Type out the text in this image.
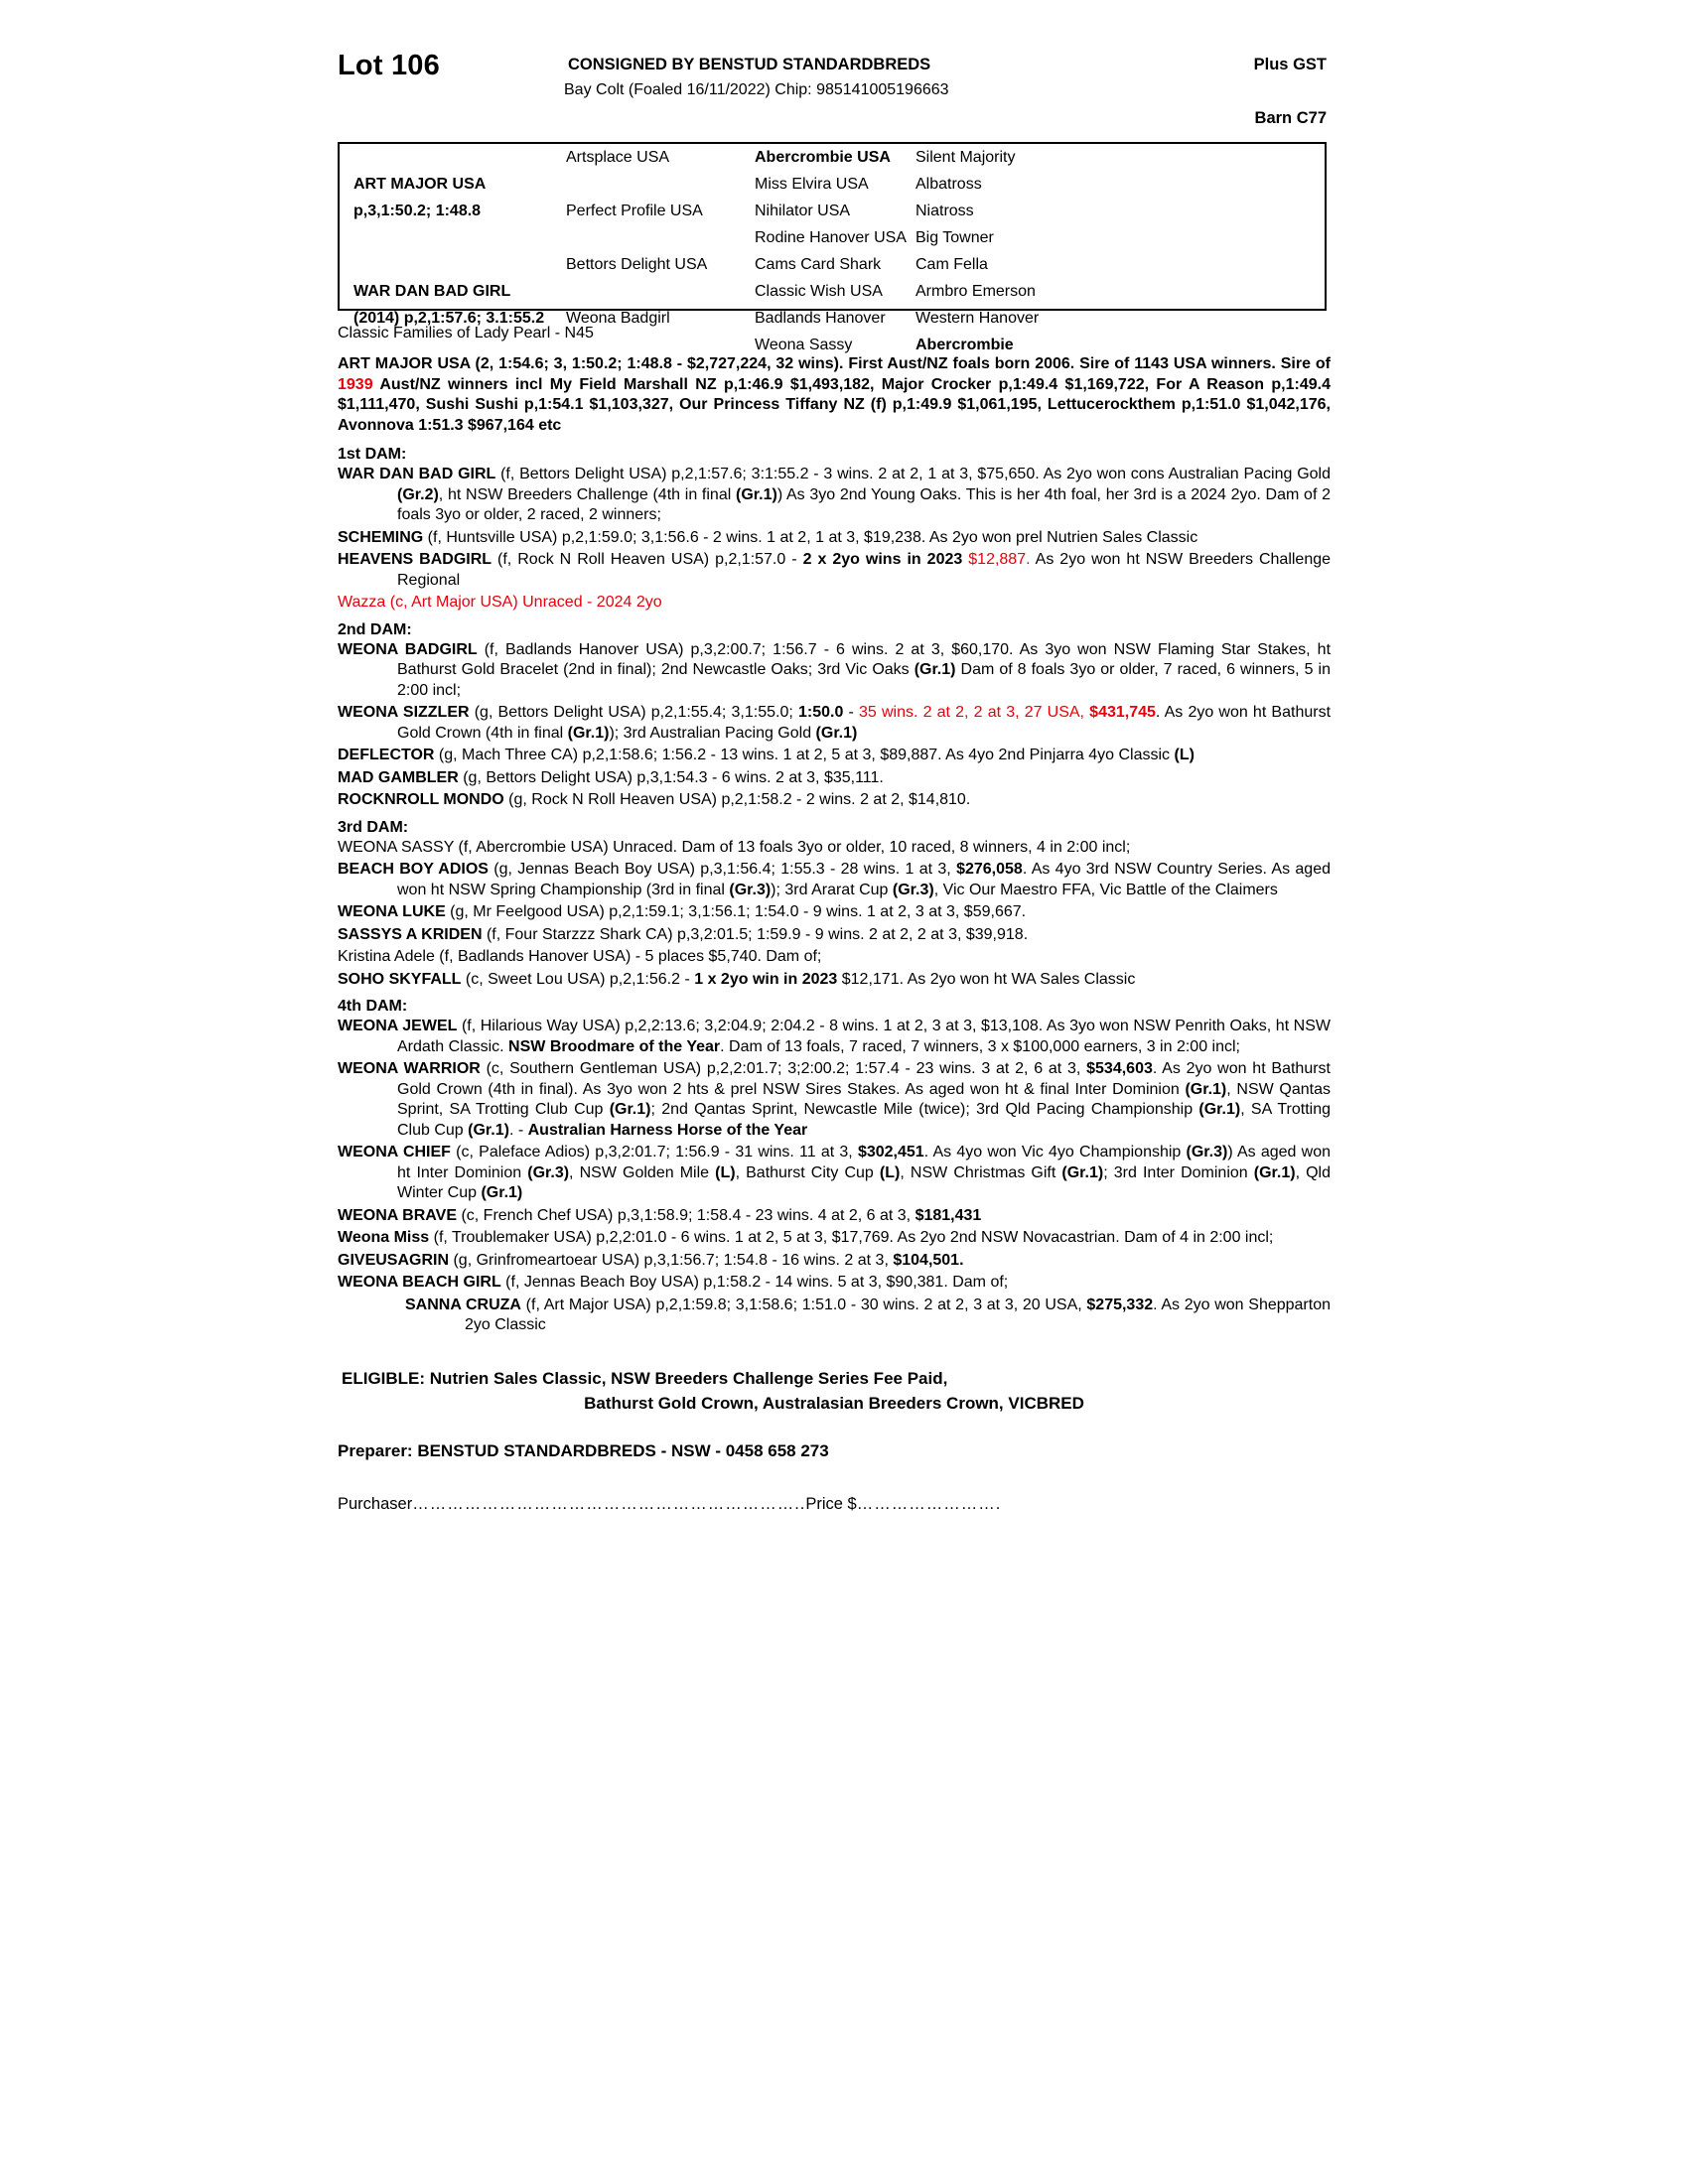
Lot 106	CONSIGNED BY BENSTUD STANDARDBREDS
Bay Colt (Foaled 16/11/2022) Chip: 985141005196663
Plus GST
Barn C77
ART MAJOR USA
p,3,1:50.2; 1:48.8
WAR DAN BAD GIRL
(2014) p,2,1:57.6; 3.1:55.2
Artsplace USA
Perfect Profile USA
Bettors Delight USA
Weona Badgirl
Abercrombie USA
Miss Elvira USA
Nihilator USA
Rodine Hanover USA
Cams Card Shark
Classic Wish USA
Badlands Hanover
Weona Sassy
Silent Majority
Albatross
Niatross
Big Towner
Cam Fella
Armbro Emerson
Western Hanover
Abercrombie
Classic Families of Lady Pearl - N45
ART MAJOR USA (2, 1:54.6; 3, 1:50.2; 1:48.8 - $2,727,224, 32 wins). First Aust/NZ foals born 2006. Sire of 1143 USA winners. Sire of 1939 Aust/NZ winners incl My Field Marshall NZ p,1:46.9 $1,493,182, Major Crocker p,1:49.4 $1,169,722, For A Reason p,1:49.4 $1,111,470, Sushi Sushi p,1:54.1 $1,103,327, Our Princess Tiffany NZ (f) p,1:49.9 $1,061,195, Lettucerockthem p,1:51.0 $1,042,176, Avonnova 1:51.3 $967,164 etc
1st DAM:

WAR DAN BAD GIRL (f, Bettors Delight USA) p,2,1:57.6; 3:1:55.2 - 3 wins. 2 at 2, 1 at 3, $75,650. As 2yo won cons Australian Pacing Gold (Gr.2), ht NSW Breeders Challenge (4th in final (Gr.1)) As 3yo 2nd Young Oaks. This is her 4th foal, her 3rd is a 2024 2yo. Dam of 2 foals 3yo or older, 2 raced, 2 winners;

SCHEMING (f, Huntsville USA) p,2,1:59.0; 3,1:56.6 - 2 wins. 1 at 2, 1 at 3, $19,238. As 2yo won prel Nutrien Sales Classic

HEAVENS BADGIRL (f, Rock N Roll Heaven USA) p,2,1:57.0 - 2 x 2yo wins in 2023 $12,887. As 2yo won ht NSW Breeders Challenge Regional

Wazza (c, Art Major USA) Unraced - 2024 2yo

2nd DAM:

WEONA BADGIRL (f, Badlands Hanover USA) p,3,2:00.7; 1:56.7 - 6 wins. 2 at 3, $60,170. As 3yo won NSW Flaming Star Stakes, ht Bathurst Gold Bracelet (2nd in final); 2nd Newcastle Oaks; 3rd Vic Oaks (Gr.1) Dam of 8 foals 3yo or older, 7 raced, 6 winners, 5 in 2:00 incl;

WEONA SIZZLER (g, Bettors Delight USA) p,2,1:55.4; 3,1:55.0; 1:50.0 - 35 wins. 2 at 2, 2 at 3, 27 USA, $431,745. As 2yo won ht Bathurst Gold Crown (4th in final (Gr.1)); 3rd Australian Pacing Gold (Gr.1)

DEFLECTOR (g, Mach Three CA) p,2,1:58.6; 1:56.2 - 13 wins. 1 at 2, 5 at 3, $89,887. As 4yo 2nd Pinjarra 4yo Classic (L)

MAD GAMBLER (g, Bettors Delight USA) p,3,1:54.3 - 6 wins. 2 at 3, $35,111.

ROCKNROLL MONDO (g, Rock N Roll Heaven USA) p,2,1:58.2 - 2 wins. 2 at 2, $14,810.

3rd DAM:

WEONA SASSY (f, Abercrombie USA) Unraced. Dam of 13 foals 3yo or older, 10 raced, 8 winners, 4 in 2:00 incl;

BEACH BOY ADIOS (g, Jennas Beach Boy USA) p,3,1:56.4; 1:55.3 - 28 wins. 1 at 3, $276,058. As 4yo 3rd NSW Country Series. As aged won ht NSW Spring Championship (3rd in final (Gr.3)); 3rd Ararat Cup (Gr.3), Vic Our Maestro FFA, Vic Battle of the Claimers

WEONA LUKE (g, Mr Feelgood USA) p,2,1:59.1; 3,1:56.1; 1:54.0 - 9 wins. 1 at 2, 3 at 3, $59,667.

SASSYS A KRIDEN (f, Four Starzzz Shark CA) p,3,2:01.5; 1:59.9 - 9 wins. 2 at 2, 2 at 3, $39,918.

Kristina Adele (f, Badlands Hanover USA) - 5 places $5,740. Dam of;

SOHO SKYFALL (c, Sweet Lou USA) p,2,1:56.2 - 1 x 2yo win in 2023 $12,171. As 2yo won ht WA Sales Classic

4th DAM:

WEONA JEWEL (f, Hilarious Way USA) p,2,2:13.6; 3,2:04.9; 2:04.2 - 8 wins. 1 at 2, 3 at 3, $13,108. As 3yo won NSW Penrith Oaks, ht NSW Ardath Classic. NSW Broodmare of the Year. Dam of 13 foals, 7 raced, 7 winners, 3 x $100,000 earners, 3 in 2:00 incl;

WEONA WARRIOR (c, Southern Gentleman USA) p,2,2:01.7; 3;2:00.2; 1:57.4 - 23 wins. 3 at 2, 6 at 3, $534,603. As 2yo won ht Bathurst Gold Crown (4th in final). As 3yo won 2 hts & prel NSW Sires Stakes. As aged won ht & final Inter Dominion (Gr.1), NSW Qantas Sprint, SA Trotting Club Cup (Gr.1); 2nd Qantas Sprint, Newcastle Mile (twice); 3rd Qld Pacing Championship (Gr.1), SA Trotting Club Cup (Gr.1). - Australian Harness Horse of the Year

WEONA CHIEF (c, Paleface Adios) p,3,2:01.7; 1:56.9 - 31 wins. 11 at 3, $302,451. As 4yo won Vic 4yo Championship (Gr.3)) As aged won ht Inter Dominion (Gr.3), NSW Golden Mile (L), Bathurst City Cup (L), NSW Christmas Gift (Gr.1); 3rd Inter Dominion (Gr.1), Qld Winter Cup (Gr.1)

WEONA BRAVE (c, French Chef USA) p,3,1:58.9; 1:58.4 - 23 wins. 4 at 2, 6 at 3, $181,431

Weona Miss (f, Troublemaker USA) p,2,2:01.0 - 6 wins. 1 at 2, 5 at 3, $17,769. As 2yo 2nd NSW Novacastrian. Dam of 4 in 2:00 incl;

GIVEUSAGRIN (g, Grinfromeartoear USA) p,3,1:56.7; 1:54.8 - 16 wins. 2 at 3, $104,501.

WEONA BEACH GIRL (f, Jennas Beach Boy USA) p,1:58.2 - 14 wins. 5 at 3, $90,381. Dam of;

SANNA CRUZA (f, Art Major USA) p,2,1:59.8; 3,1:58.6; 1:51.0 - 30 wins. 2 at 2, 3 at 3, 20 USA, $275,332. As 2yo won Shepparton 2yo Classic

ELIGIBLE: Nutrien Sales Classic, NSW Breeders Challenge Series Fee Paid,
Bathurst Gold Crown, Australasian Breeders Crown, VICBRED
Preparer: BENSTUD STANDARDBREDS - NSW - 0458 658 273
Purchaser…………………………………………………………..Price $…………………….
